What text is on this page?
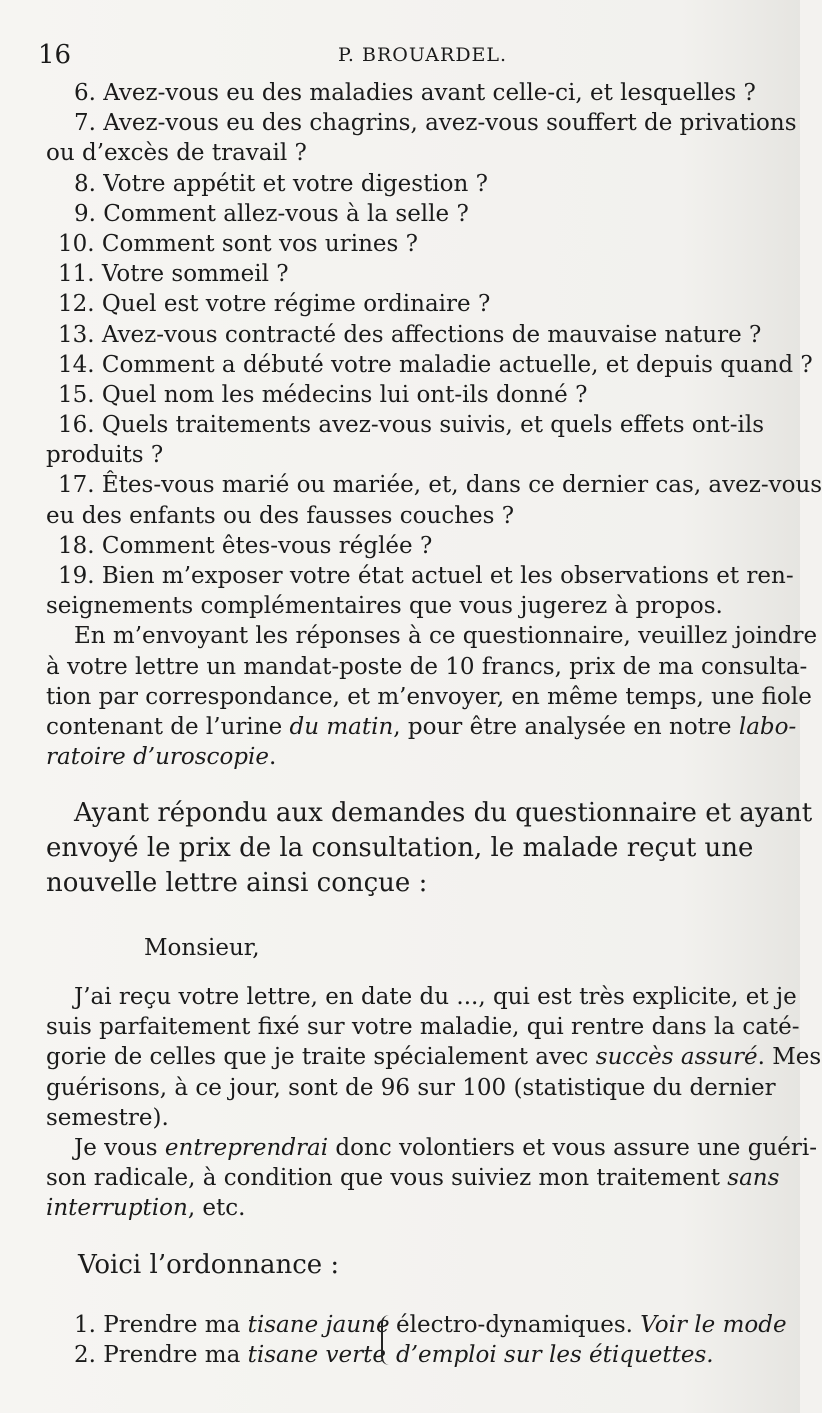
16	P. BROUARDEL.
6. Avez-vous eu des maladies avant celle-ci, et lesquelles ?
7. Avez-vous eu des chagrins, avez-vous souffert de privations
ou d’excès de travail ?
8. Votre appétit et votre digestion ?
9. Comment allez-vous à la selle ?
10. Comment sont vos urines ?
11. Votre sommeil ?
12. Quel est votre régime ordinaire ?
13. Avez-vous contracté des affections de mauvaise nature ?
14. Comment a débuté votre maladie actuelle, et depuis quand ?
15. Quel nom les médecins lui ont-ils donné ?
16. Quels traitements avez-vous suivis, et quels effets ont-ils
produits ?
17. Êtes-vous marié ou mariée, et, dans ce dernier cas, avez-vous
eu des enfants ou des fausses couches ?
18. Comment êtes-vous réglée ?
19. Bien m’exposer votre état actuel et les observations et ren-
seignements complémentaires que vous jugerez à propos.
En m’envoyant les réponses à ce questionnaire, veuillez joindre
à votre lettre un mandat-poste de 10 francs, prix de ma consulta-
tion par correspondance, et m’envoyer, en même temps, une fiole
contenant de l’urine du matin, pour être analysée en notre labo-
ratoire d’uroscopie.
Ayant répondu aux demandes du questionnaire et ayant
envoyé le prix de la consultation, le malade reçut une
nouvelle lettre ainsi conçue :
Monsieur,
J’ai reçu votre lettre, en date du ..., qui est très explicite, et je
suis parfaitement fixé sur votre maladie, qui rentre dans la caté-
gorie de celles que je traite spécialement avec succès assuré. Mes
guérisons, à ce jour, sont de 96 sur 100 (statistique du dernier
semestre).
Je vous entreprendrai donc volontiers et vous assure une guéri-
son radicale, à condition que vous suiviez mon traitement sans
interruption, etc.
Voici l’ordonnance :
1. Prendre ma tisane jaune électro-dynamiques. Voir le mode
2. Prendre ma tisane verte d’emploi sur les étiquettes.
